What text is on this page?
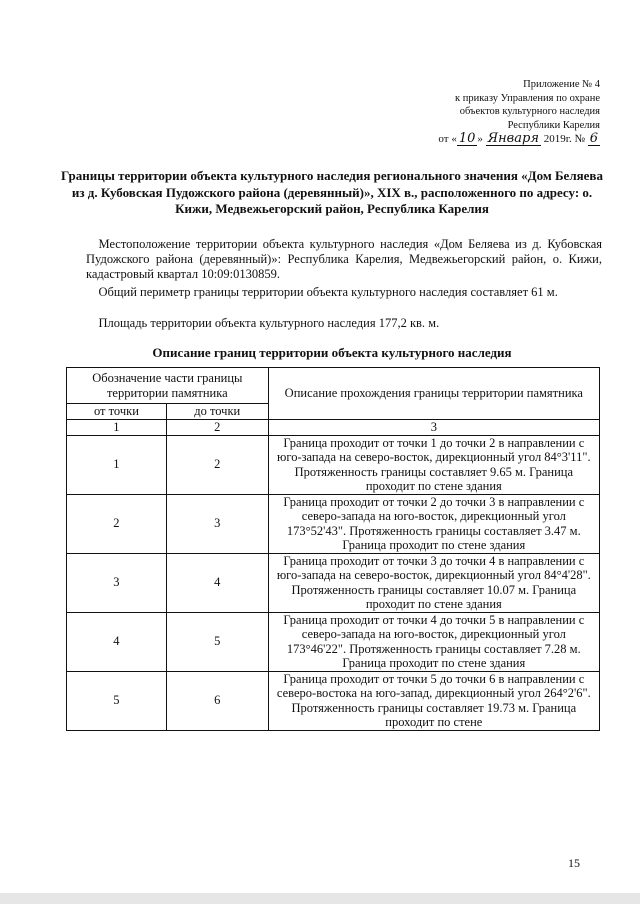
Приложение № 4
к приказу Управления по охране
объектов культурного наследия
Республики Карелия
от « 10 » Января 2019г. № 6
Границы территории объекта культурного наследия регионального значения «Дом Беляева из д. Кубовская Пудожского района (деревянный)», XIX в., расположенного по адресу: о. Кижи, Медвежьегорский район, Республика Карелия
 Местоположение территории объекта культурного наследия «Дом Беляева из д. Кубовская Пудожского района (деревянный)»: Республика Карелия, Медвежьегорский район, о. Кижи, кадастровый квартал 10:09:0130859.
 Общий периметр границы территории объекта культурного наследия составляет 61 м.
 Площадь территории объекта культурного наследия 177,2 кв. м.
Описание границ территории объекта культурного наследия
Обозначение части границы территории памятника		Описание прохождения границы территории памятника
от точки	до точки	
1	2	3
1	2	Граница проходит от точки 1 до точки 2 в направлении с юго-запада на северо-восток, дирекционный угол 84°3'11". Протяженность границы составляет 9.65 м. Граница проходит по стене здания
2	3	Граница проходит от точки 2 до точки 3 в направлении с северо-запада на юго-восток, дирекционный угол 173°52'43". Протяженность границы составляет 3.47 м. Граница проходит по стене здания
3	4	Граница проходит от точки 3 до точки 4 в направлении с юго-запада на северо-восток, дирекционный угол 84°4'28". Протяженность границы составляет 10.07 м. Граница проходит по стене здания
4	5	Граница проходит от точки 4 до точки 5 в направлении с северо-запада на юго-восток, дирекционный угол 173°46'22". Протяженность границы составляет 7.28 м. Граница проходит по стене здания
5	6	Граница проходит от точки 5 до точки 6 в направлении с северо-востока на юго-запад, дирекционный угол 264°2'6". Протяженность границы составляет 19.73 м. Граница проходит по стене
15
